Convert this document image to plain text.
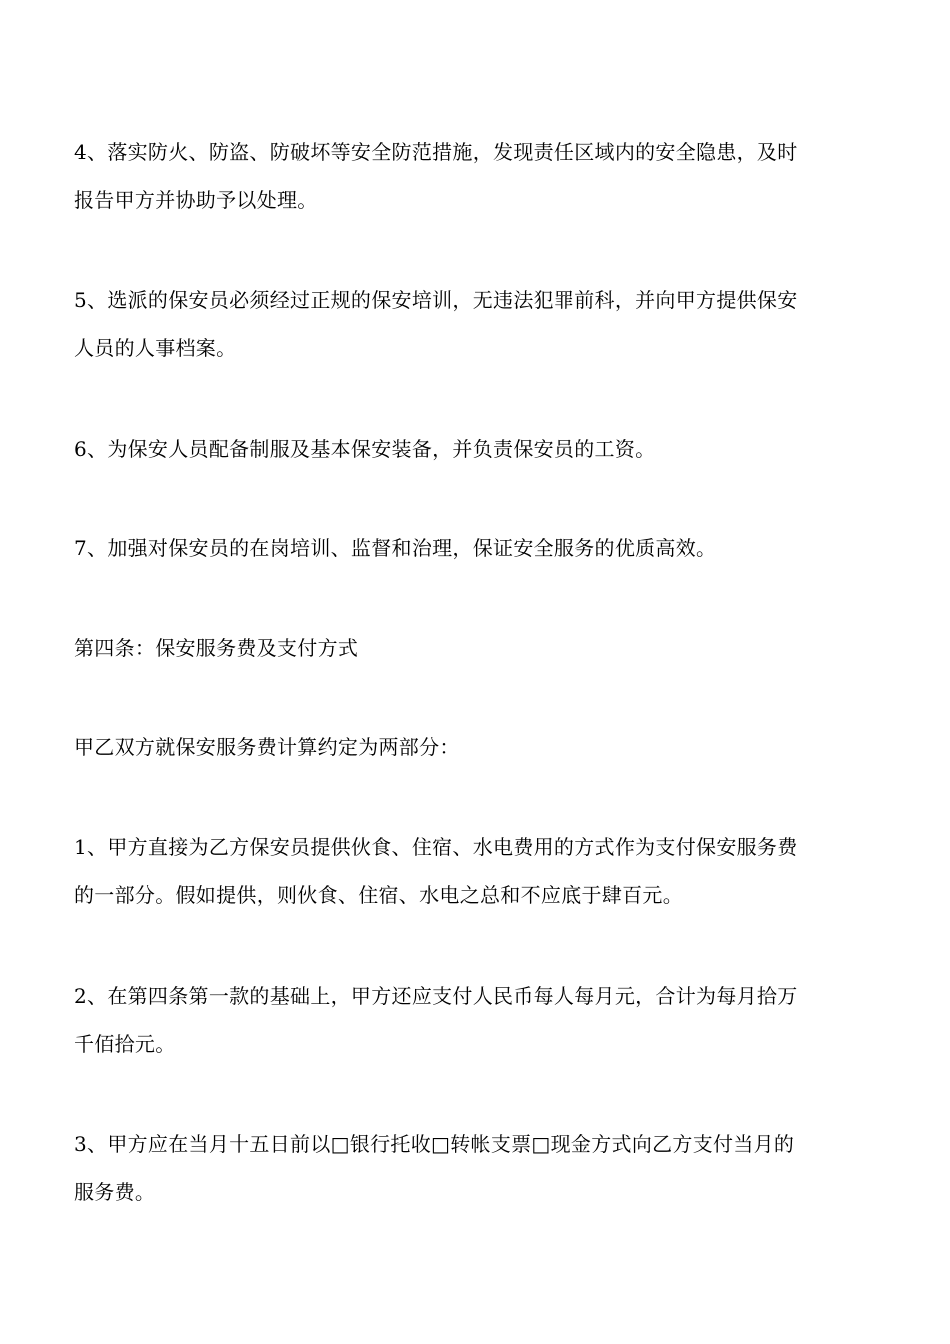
4、落实防火、防盗、防破坏等安全防范措施，发现责任区域内的安全隐患，及时
报告甲方并协助予以处理。

5、选派的保安员必须经过正规的保安培训，无违法犯罪前科，并向甲方提供保安
人员的人事档案。

6、为保安人员配备制服及基本保安装备，并负责保安员的工资。

7、加强对保安员的在岗培训、监督和治理，保证安全服务的优质高效。

第四条：保安服务费及支付方式

甲乙双方就保安服务费计算约定为两部分：

1、甲方直接为乙方保安员提供伙食、住宿、水电费用的方式作为支付保安服务费
的一部分。假如提供，则伙食、住宿、水电之总和不应底于肆百元。

2、在第四条第一款的基础上，甲方还应支付人民币每人每月元，合计为每月拾万
千佰拾元。

3、甲方应在当月十五日前以□银行托收□转帐支票□现金方式向乙方支付当月的
服务费。
